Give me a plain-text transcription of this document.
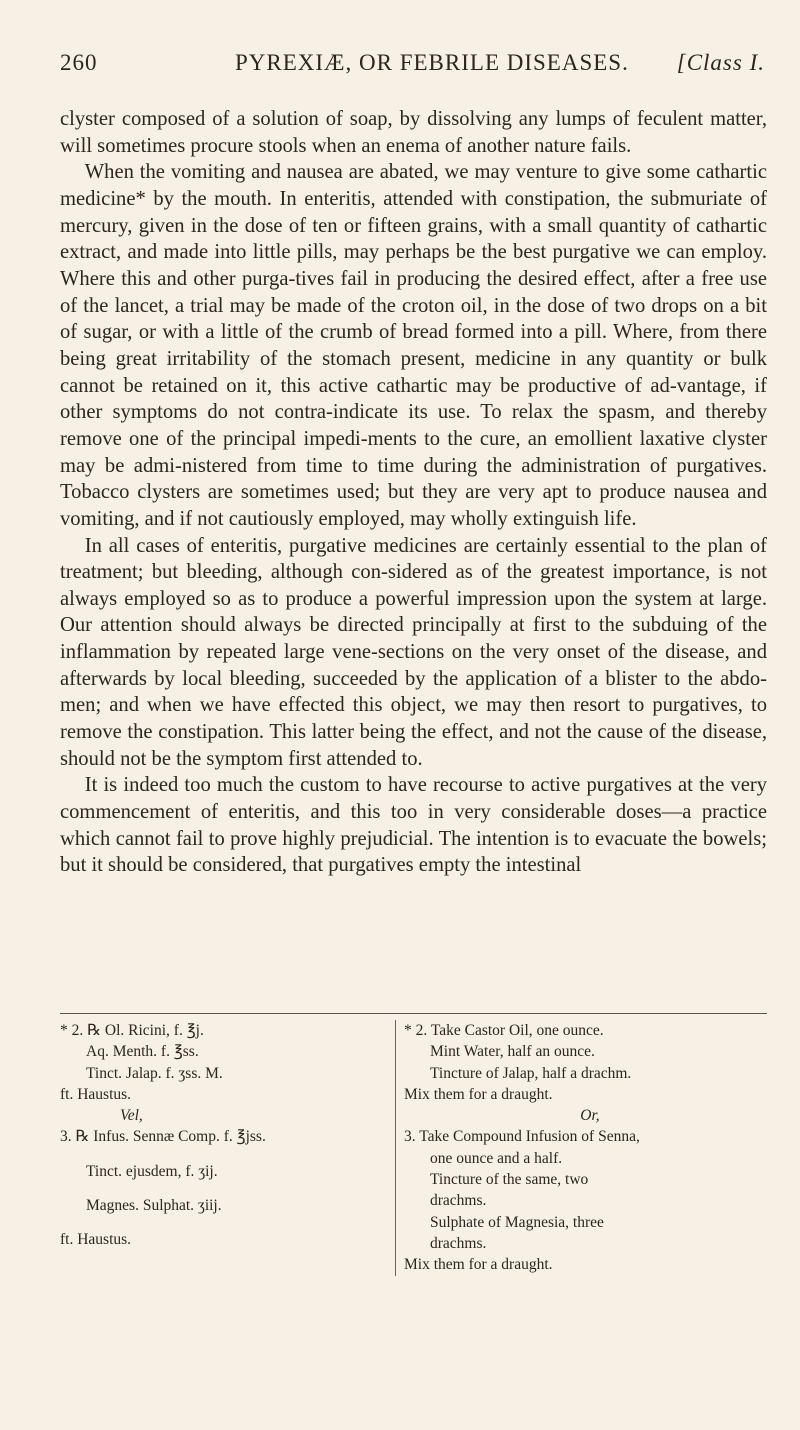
260	PYREXIÆ, OR FEBRILE DISEASES. [Class I.

clyster composed of a solution of soap, by dissolving any lumps of feculent matter, will sometimes procure stools when an enema of another nature fails.

When the vomiting and nausea are abated, we may venture to give some cathartic medicine* by the mouth. In enteritis, attended with constipation, the submuriate of mercury, given in the dose of ten or fifteen grains, with a small quantity of cathartic extract, and made into little pills, may perhaps be the best purgative we can employ. Where this and other purga-tives fail in producing the desired effect, after a free use of the lancet, a trial may be made of the croton oil, in the dose of two drops on a bit of sugar, or with a little of the crumb of bread formed into a pill. Where, from there being great irritability of the stomach present, medicine in any quantity or bulk cannot be retained on it, this active cathartic may be productive of ad-vantage, if other symptoms do not contra-indicate its use. To relax the spasm, and thereby remove one of the principal impedi-ments to the cure, an emollient laxative clyster may be admi-nistered from time to time during the administration of purgatives. Tobacco clysters are sometimes used; but they are very apt to produce nausea and vomiting, and if not cautiously employed, may wholly extinguish life.

In all cases of enteritis, purgative medicines are certainly essential to the plan of treatment; but bleeding, although con-sidered as of the greatest importance, is not always employed so as to produce a powerful impression upon the system at large. Our attention should always be directed principally at first to the subduing of the inflammation by repeated large vene-sections on the very onset of the disease, and afterwards by local bleeding, succeeded by the application of a blister to the abdo-men; and when we have effected this object, we may then resort to purgatives, to remove the constipation. This latter being the effect, and not the cause of the disease, should not be the symptom first attended to.

It is indeed too much the custom to have recourse to active purgatives at the very commencement of enteritis, and this too in very considerable doses—a practice which cannot fail to prove highly prejudicial. The intention is to evacuate the bowels; but it should be considered, that purgatives empty the intestinal

* 2. ℞ Ol. Ricini, f. ℥j.
Aq. Menth. f. ℥ss.
Tinct. Jalap. f. ʒss. M.
ft. Haustus.
Vel,
3. ℞ Infus. Sennæ Comp. f. ℥jss.
Tinct. ejusdem, f. ʒij.
Magnes. Sulphat. ʒiij.
ft. Haustus.
* 2. Take Castor Oil, one ounce.
Mint Water, half an ounce.
Tincture of Jalap, half a drachm.
Mix them for a draught.
Or,
3. Take Compound Infusion of Senna,
one ounce and a half.
Tincture of the same, two
drachms.
Sulphate of Magnesia, three
drachms.
Mix them for a draught.
